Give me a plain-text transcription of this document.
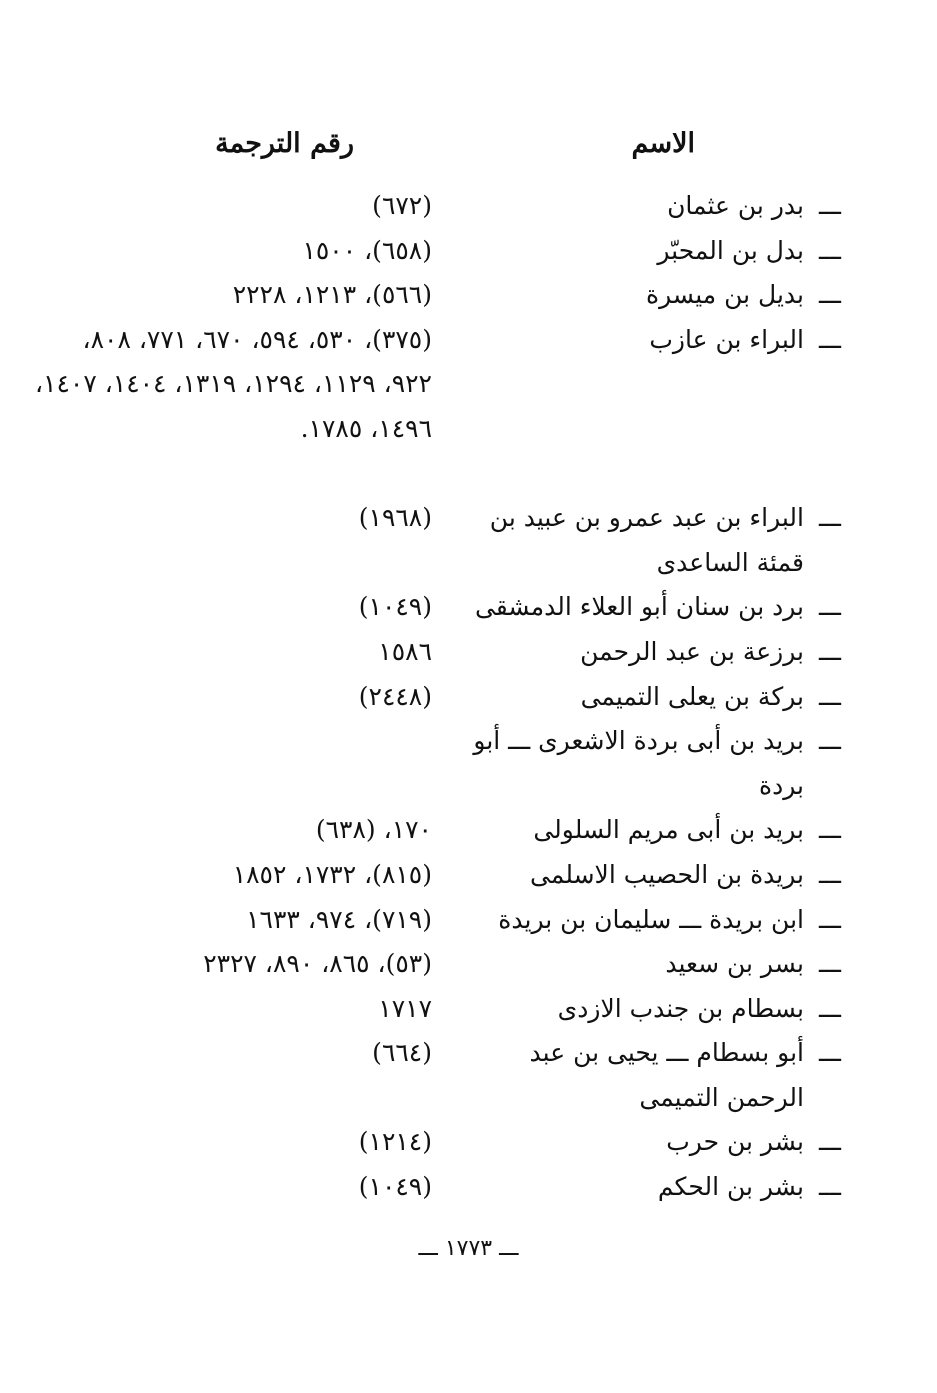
الاسم
رقم الترجمة
ـــ
بدر بن عثمان
(٦٧٢)
ـــ
بدل بن المحبّر
(٦٥٨)، ١٥٠٠
ـــ
بديل بن ميسرة
(٥٦٦)، ١٢١٣، ٢٢٢٨
ـــ
البراء بن عازب
(٣٧٥)، ٥٣٠، ٥٩٤، ٦٧٠، ٧٧١، ٨٠٨، ٩٢٢، ١١٢٩، ١٢٩٤، ١٣١٩، ١٤٠٤، ١٤٠٧، ١٤٩٦، ١٧٨٥.
ـــ
البراء بن عبد عمرو بن عبيد بن قمئة الساعدى
(١٩٦٨)
ـــ
برد بن سنان أبو العلاء الدمشقى
(١٠٤٩)
ـــ
برزعة بن عبد الرحمن
١٥٨٦
ـــ
بركة بن يعلى التميمى
(٢٤٤٨)
ـــ
بريد بن أبى بردة الاشعرى ـــ أبو بردة
ـــ
بريد بن أبى مريم السلولى
١٧٠، (٦٣٨)
ـــ
بريدة بن الحصيب الاسلمى
(٨١٥)، ١٧٣٢، ١٨٥٢
ـــ
ابن بريدة ـــ سليمان بن بريدة
(٧١٩)، ٩٧٤، ١٦٣٣
ـــ
بسر بن سعيد
(٥٣)، ٨٦٥، ٨٩٠، ٢٣٢٧
ـــ
بسطام بن جندب الازدى
١٧١٧
ـــ
أبو بسطام ـــ يحيى بن عبد الرحمن التميمى
(٦٦٤)
ـــ
بشر بن حرب
(١٢١٤)
ـــ
بشر بن الحكم
(١٠٤٩)
ـــ ١٧٧٣ ـــ
